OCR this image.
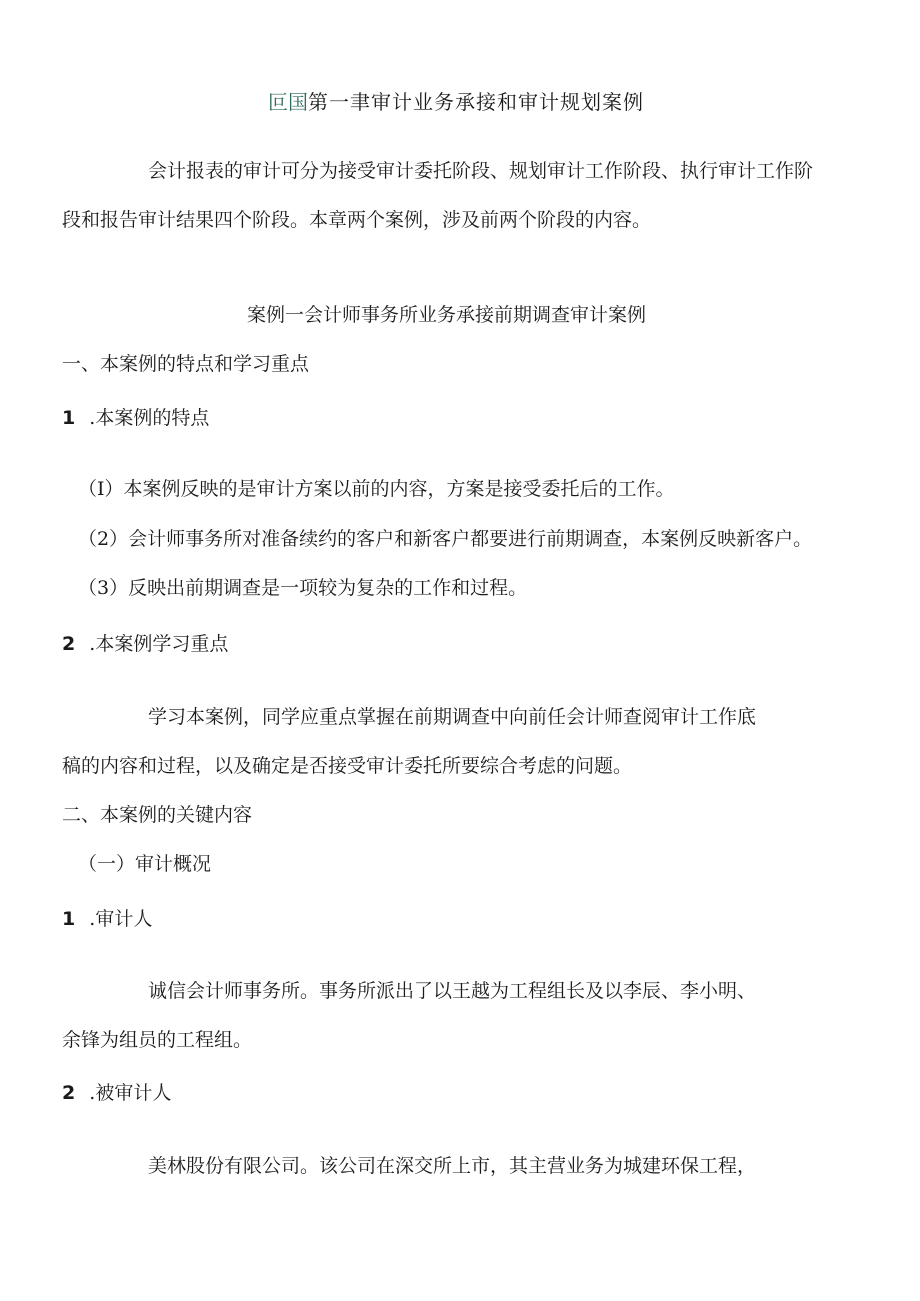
叵国第一聿审计业务承接和审计规划案例
会计报表的审计可分为接受审计委托阶段、规划审计工作阶段、执行审计工作阶
段和报告审计结果四个阶段。本章两个案例，涉及前两个阶段的内容。
案例一会计师事务所业务承接前期调查审计案例
一、本案例的特点和学习重点
1 .本案例的特点
（I）本案例反映的是审计方案以前的内容，方案是接受委托后的工作。
（2）会计师事务所对准备续约的客户和新客户都要进行前期调查，本案例反映新客户。
（3）反映出前期调查是一项较为复杂的工作和过程。
2 .本案例学习重点
学习本案例，同学应重点掌握在前期调查中向前任会计师查阅审计工作底
稿的内容和过程，以及确定是否接受审计委托所要综合考虑的问题。
二、本案例的关键内容
（一）审计概况
1 .审计人
诚信会计师事务所。事务所派出了以王越为工程组长及以李辰、李小明、
余锋为组员的工程组。
2 .被审计人
美林股份有限公司。该公司在深交所上市，其主营业务为城建环保工程，
